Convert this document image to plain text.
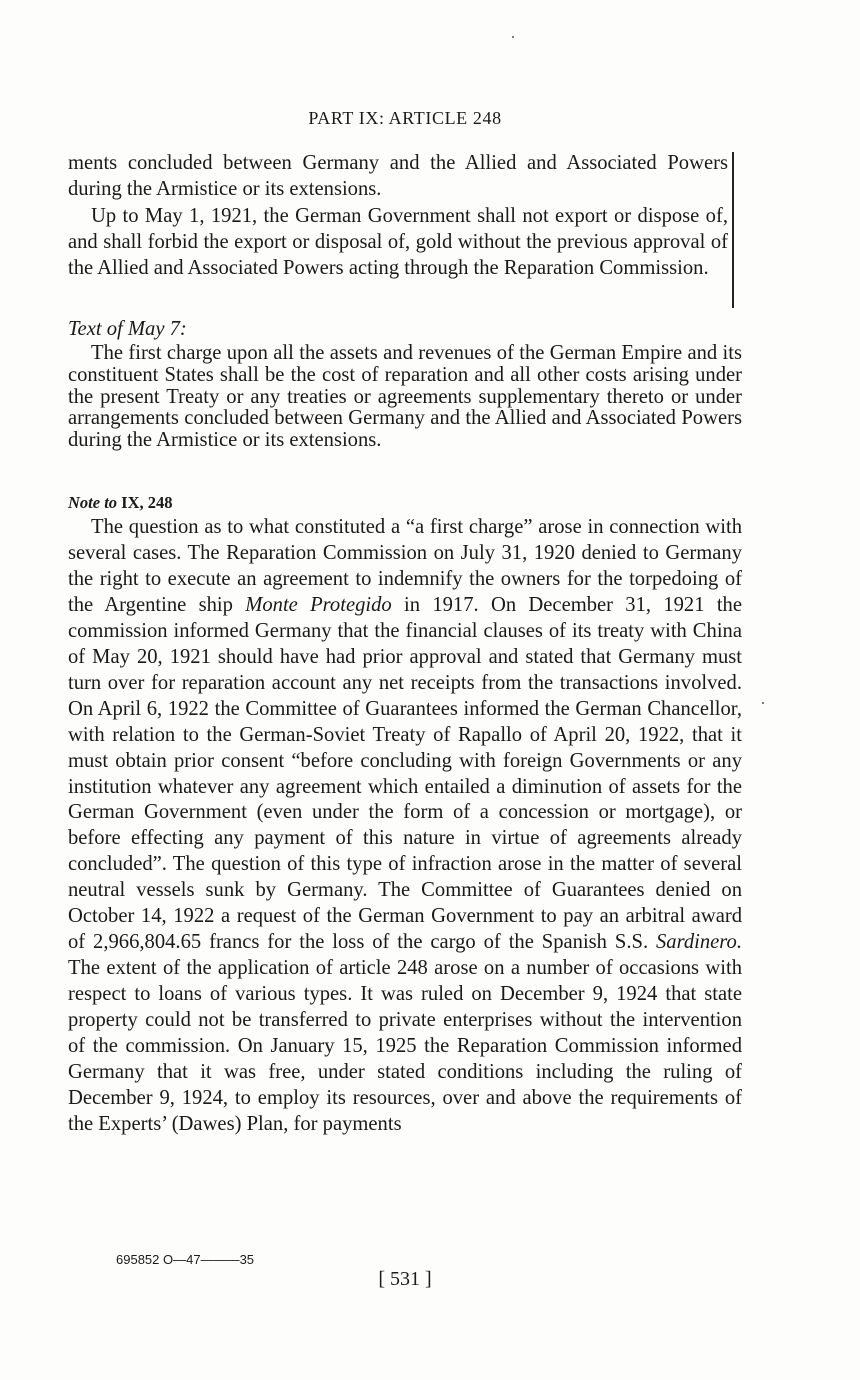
PART IX: ARTICLE 248

ments concluded between Germany and the Allied and Associated Powers during the Armistice or its extensions.

Up to May 1, 1921, the German Government shall not export or dispose of, and shall forbid the export or disposal of, gold without the previous approval of the Allied and Associated Powers acting through the Reparation Commission.

Text of May 7:

The first charge upon all the assets and revenues of the German Empire and its constituent States shall be the cost of reparation and all other costs arising under the present Treaty or any treaties or agreements supplementary thereto or under arrangements concluded between Germany and the Allied and Associated Powers during the Armistice or its extensions.

Note to IX, 248

The question as to what constituted a “a first charge” arose in connection with several cases. The Reparation Commission on July 31, 1920 denied to Germany the right to execute an agreement to indemnify the owners for the torpedoing of the Argentine ship Monte Protegido in 1917. On December 31, 1921 the commission informed Germany that the financial clauses of its treaty with China of May 20, 1921 should have had prior approval and stated that Germany must turn over for reparation account any net receipts from the transactions involved. On April 6, 1922 the Committee of Guarantees informed the German Chancellor, with relation to the German-Soviet Treaty of Rapallo of April 20, 1922, that it must obtain prior consent “before concluding with foreign Governments or any institution whatever any agreement which entailed a diminution of assets for the German Government (even under the form of a concession or mortgage), or before effecting any payment of this nature in virtue of agreements already concluded”. The question of this type of infraction arose in the matter of several neutral vessels sunk by Germany. The Committee of Guarantees denied on October 14, 1922 a request of the German Government to pay an arbitral award of 2,966,804.65 francs for the loss of the cargo of the Spanish S.S. Sardinero. The extent of the application of article 248 arose on a number of occasions with respect to loans of various types. It was ruled on December 9, 1924 that state property could not be transferred to private enterprises without the intervention of the commission. On January 15, 1925 the Reparation Commission informed Germany that it was free, under stated conditions including the ruling of December 9, 1924, to employ its resources, over and above the requirements of the Experts’ (Dawes) Plan, for payments

695852 O—47———35
[ 531 ]
